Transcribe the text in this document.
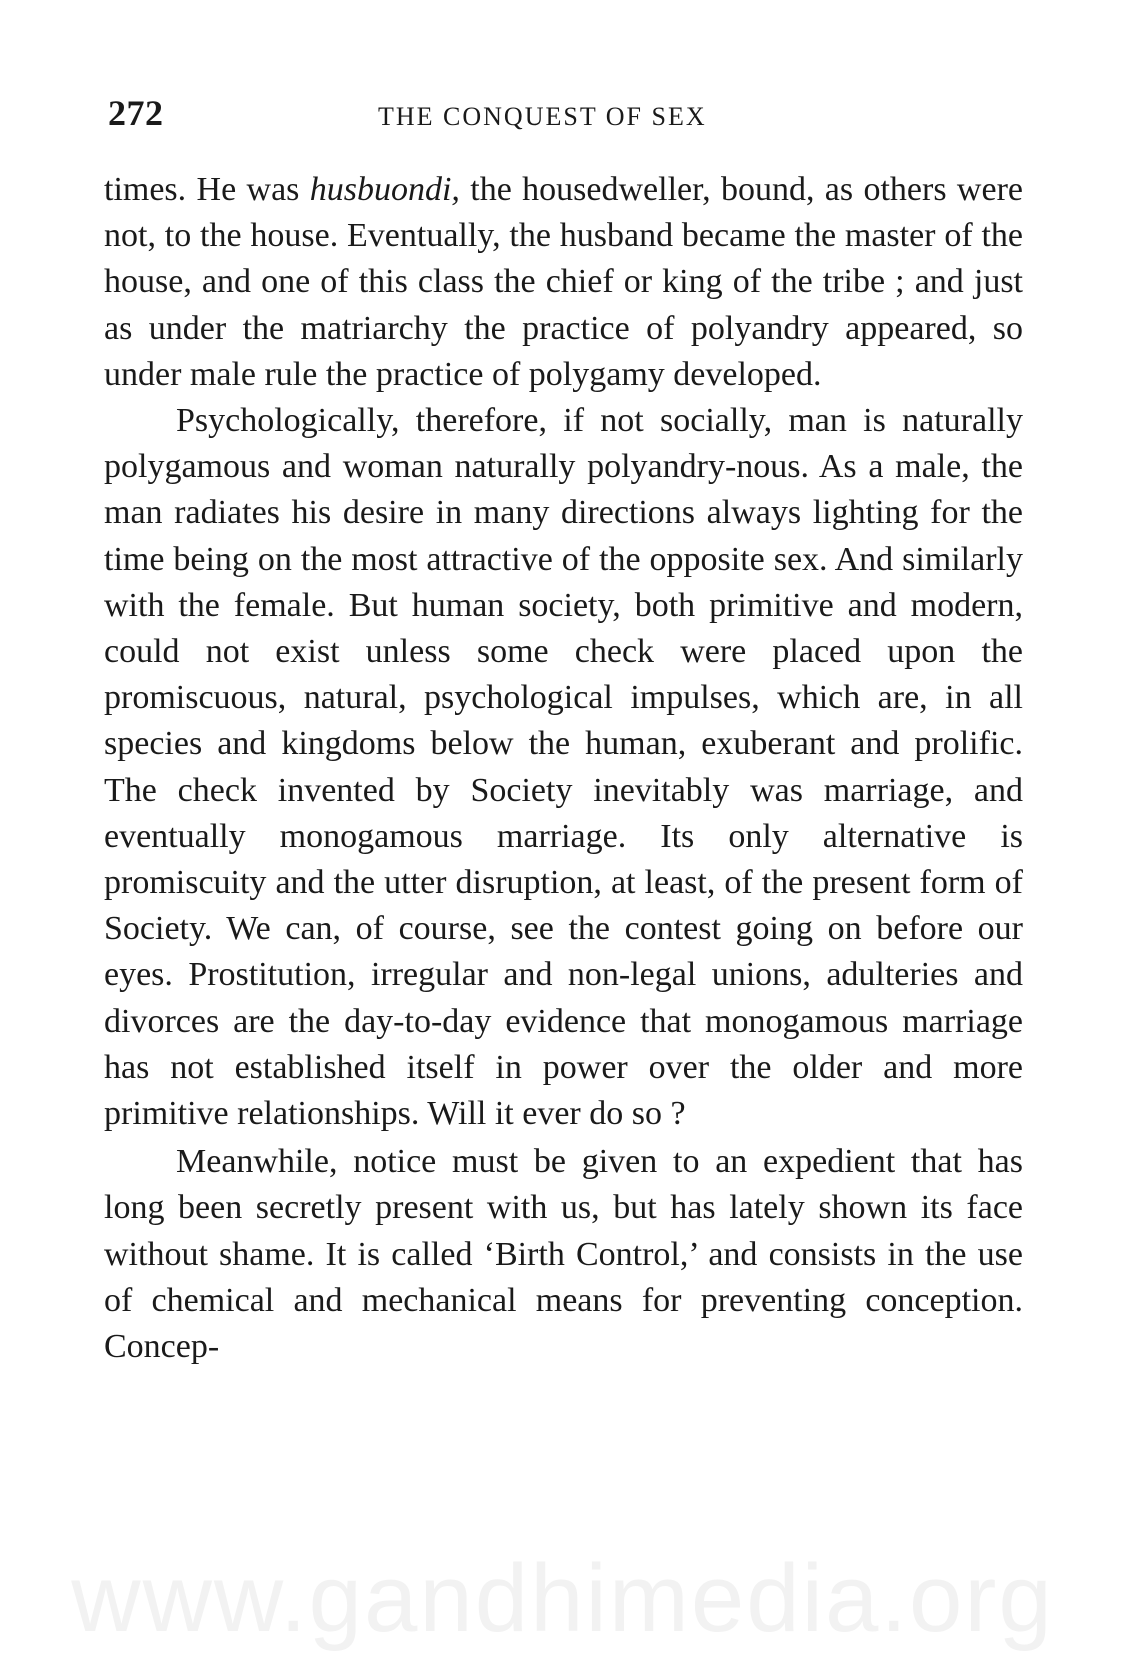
272	THE CONQUEST OF SEX

times. He was husbuondi, the housedweller, bound, as others were not, to the house. Eventually, the husband became the master of the house, and one of this class the chief or king of the tribe ; and just as under the matriarchy the practice of polyandry appeared, so under male rule the practice of polygamy developed.

Psychologically, therefore, if not socially, man is naturally polygamous and woman naturally polyandry-nous. As a male, the man radiates his desire in many directions always lighting for the time being on the most attractive of the opposite sex. And similarly with the female. But human society, both primitive and modern, could not exist unless some check were placed upon the promiscuous, natural, psychological impulses, which are, in all species and kingdoms below the human, exuberant and prolific. The check invented by Society inevitably was marriage, and eventually monogamous marriage. Its only alternative is promiscuity and the utter disruption, at least, of the present form of Society. We can, of course, see the contest going on before our eyes. Prostitution, irregular and non-legal unions, adulteries and divorces are the day-to-day evidence that monogamous marriage has not established itself in power over the older and more primitive relationships. Will it ever do so ?

Meanwhile, notice must be given to an expedient that has long been secretly present with us, but has lately shown its face without shame. It is called ‘Birth Control,’ and consists in the use of chemical and mechanical means for preventing conception. Concep-

www.gandhimedia.org
